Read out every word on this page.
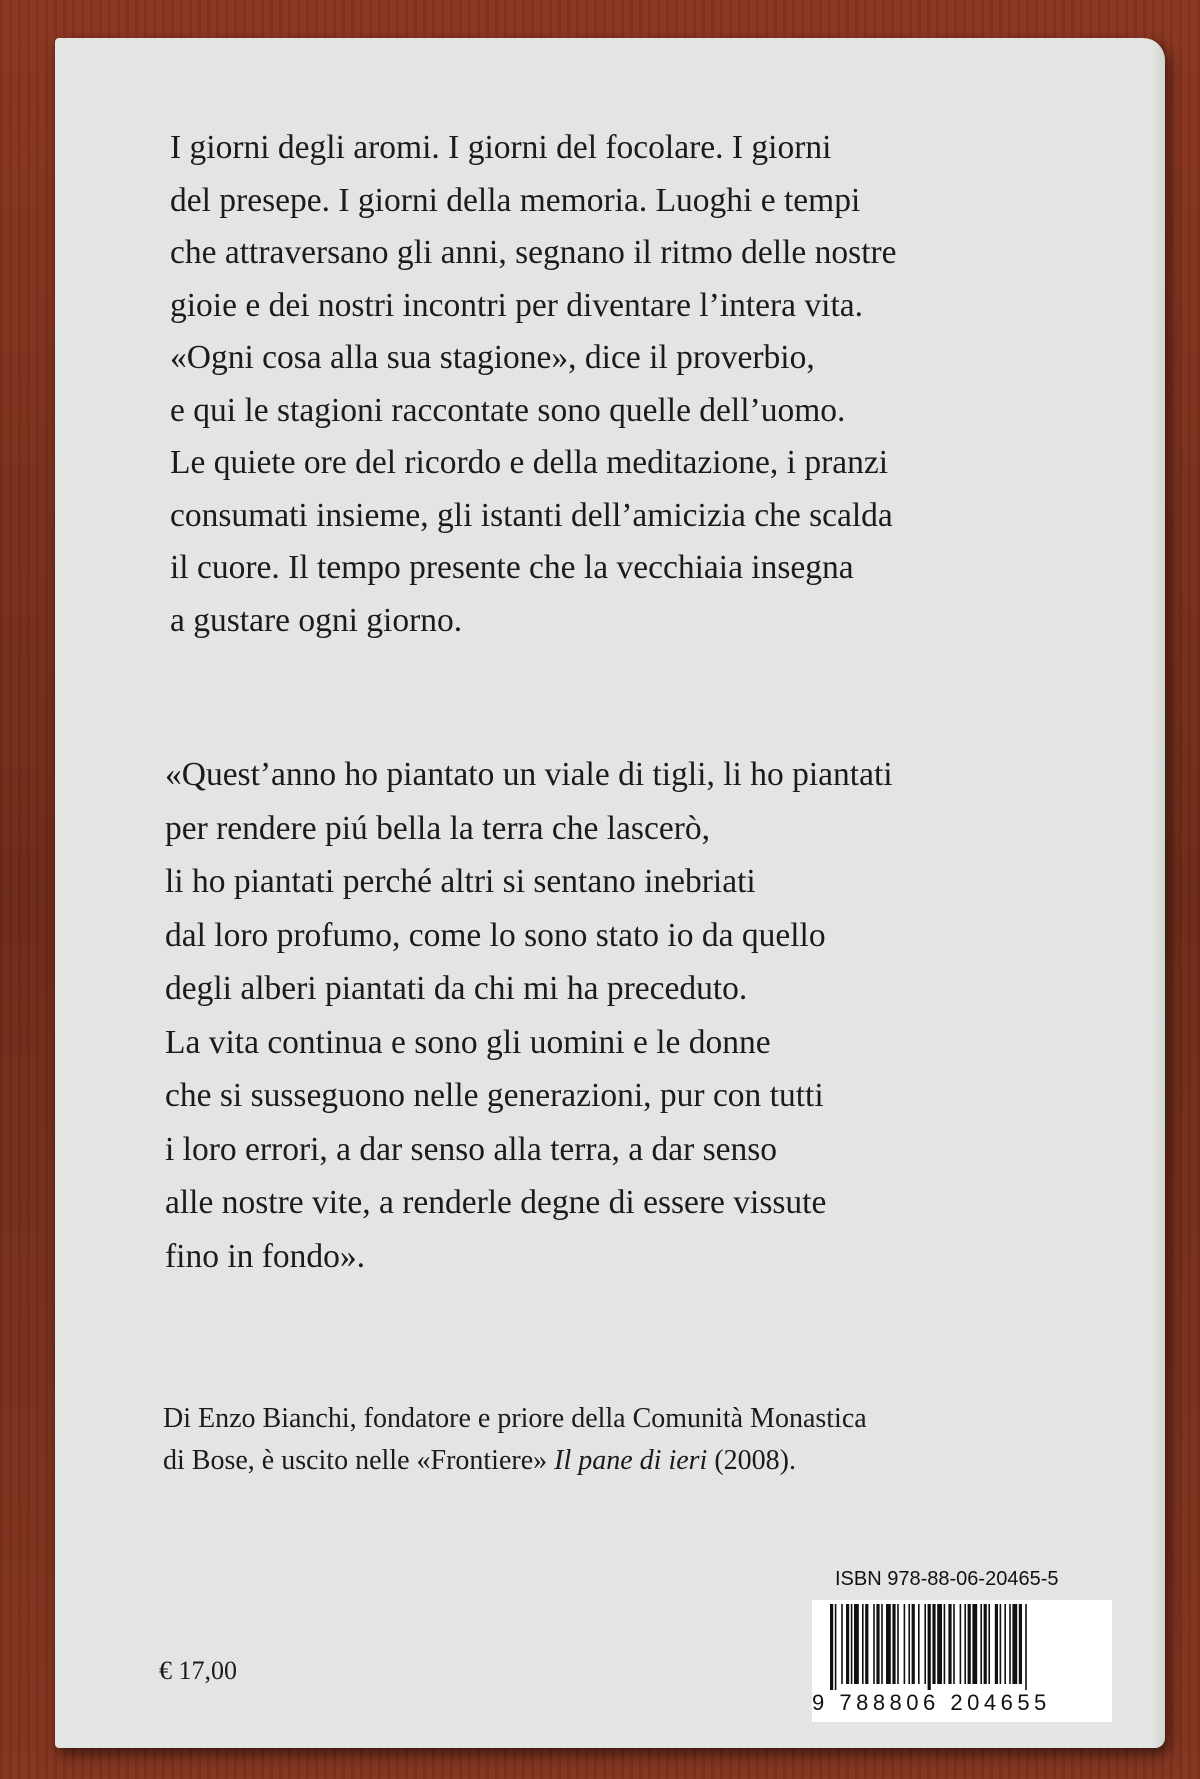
I giorni degli aromi. I giorni del focolare. I giorni
del presepe. I giorni della memoria. Luoghi e tempi
che attraversano gli anni, segnano il ritmo delle nostre
gioie e dei nostri incontri per diventare l’intera vita.
«Ogni cosa alla sua stagione», dice il proverbio,
e qui le stagioni raccontate sono quelle dell’uomo.
Le quiete ore del ricordo e della meditazione, i pranzi
consumati insieme, gli istanti dell’amicizia che scalda
il cuore. Il tempo presente che la vecchiaia insegna
a gustare ogni giorno.
«Quest’anno ho piantato un viale di tigli, li ho piantati
per rendere piú bella la terra che lascerò,
li ho piantati perché altri si sentano inebriati
dal loro profumo, come lo sono stato io da quello
degli alberi piantati da chi mi ha preceduto.
La vita continua e sono gli uomini e le donne
che si susseguono nelle generazioni, pur con tutti
i loro errori, a dar senso alla terra, a dar senso
alle nostre vite, a renderle degne di essere vissute
fino in fondo».
Di Enzo Bianchi, fondatore e priore della Comunità Monastica
di Bose, è uscito nelle «Frontiere» Il pane di ieri (2008).
€ 17,00
ISBN 978-88-06-20465-5
9 788806 204655
